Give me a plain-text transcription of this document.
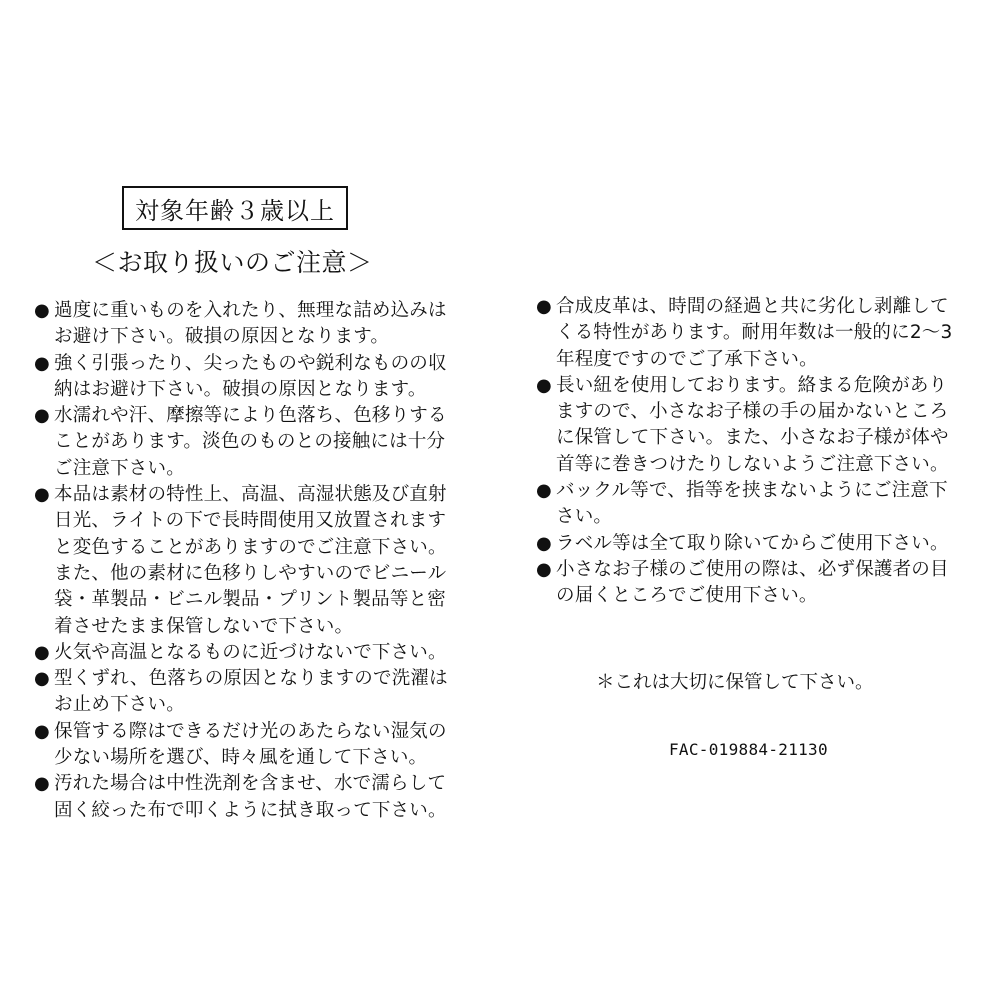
対象年齢３歳以上
＜お取り扱いのご注意＞
● 過度に重いものを入れたり、無理な詰め込みは
お避け下さい。破損の原因となります。
● 強く引張ったり、尖ったものや鋭利なものの収
納はお避け下さい。破損の原因となります。
● 水濡れや汗、摩擦等により色落ち、色移りする
ことがあります。淡色のものとの接触には十分
ご注意下さい。
● 本品は素材の特性上、高温、高湿状態及び直射
日光、ライトの下で長時間使用又放置されます
と変色することがありますのでご注意下さい。
また、他の素材に色移りしやすいのでビニール
袋・革製品・ビニル製品・プリント製品等と密
着させたまま保管しないで下さい。
● 火気や高温となるものに近づけないで下さい。
● 型くずれ、色落ちの原因となりますので洗濯は
お止め下さい。
● 保管する際はできるだけ光のあたらない湿気の
少ない場所を選び、時々風を通して下さい。
● 汚れた場合は中性洗剤を含ませ、水で濡らして
固く絞った布で叩くように拭き取って下さい。
● 合成皮革は、時間の経過と共に劣化し剥離して
くる特性があります。耐用年数は一般的に2～3
年程度ですのでご了承下さい。
● 長い紐を使用しております。絡まる危険があり
ますので、小さなお子様の手の届かないところ
に保管して下さい。また、小さなお子様が体や
首等に巻きつけたりしないようご注意下さい。
● バックル等で、指等を挟まないようにご注意下
さい。
● ラベル等は全て取り除いてからご使用下さい。
● 小さなお子様のご使用の際は、必ず保護者の目
の届くところでご使用下さい。
＊これは大切に保管して下さい。
FAC-019884-21130
